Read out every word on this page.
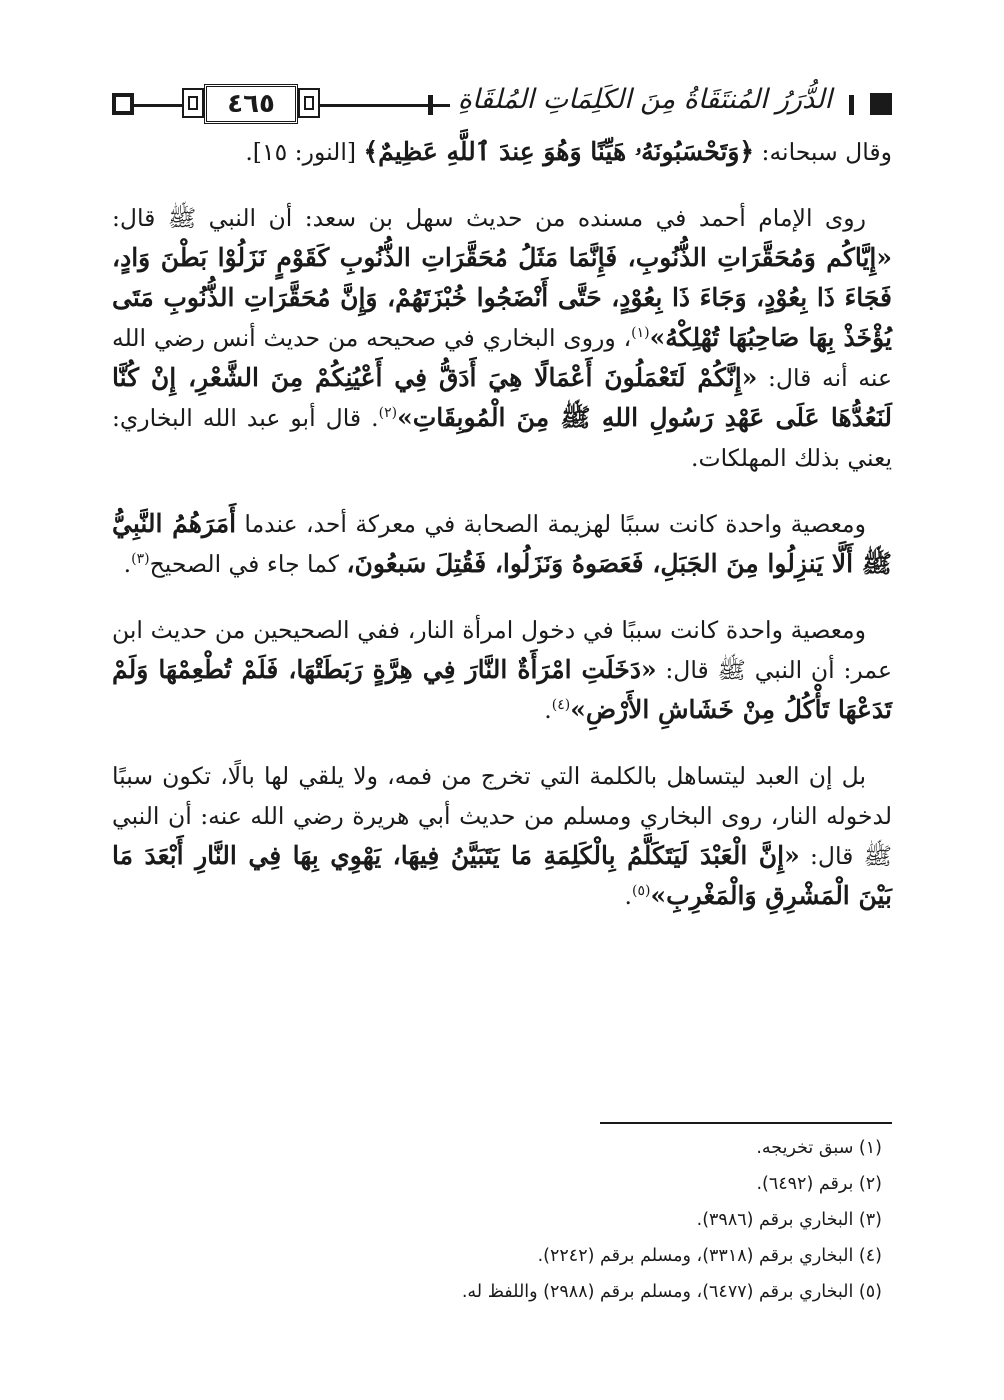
٤٦٥	الدُّرَرُ المُنتَقَاةُ مِنَ الكَلِمَاتِ المُلقَاةِ

وقال سبحانه: ﴿وَتَحْسَبُونَهُۥ هَيِّنًا وَهُوَ عِندَ ٱللَّهِ عَظِيمٌ﴾ [النور: ١٥].

روى الإمام أحمد في مسنده من حديث سهل بن سعد: أن النبي ﷺ قال: «إِيَّاكُم وَمُحَقَّرَاتِ الذُّنُوبِ، فَإِنَّمَا مَثَلُ مُحَقَّرَاتِ الذُّنُوبِ كَقَوْمٍ نَزَلُوْا بَطْنَ وَادٍ، فَجَاءَ ذَا بِعُوْدٍ، وَجَاءَ ذَا بِعُوْدٍ، حَتَّى أَنْضَجُوا خُبْزَتَهُمْ، وَإِنَّ مُحَقَّرَاتِ الذُّنُوبِ مَتَى يُؤْخَذْ بِهَا صَاحِبُهَا تُهْلِكْهُ»$^{(١)}$، وروى البخاري في صحيحه من حديث أنس رضي الله عنه أنه قال: «إِنَّكُمْ لَتَعْمَلُونَ أَعْمَالًا هِيَ أَدَقُّ فِي أَعْيُنِكُمْ مِنَ الشَّعْرِ، إِنْ كُنَّا لَنَعُدُّهَا عَلَى عَهْدِ رَسُولِ اللهِ ﷺ مِنَ الْمُوبِقَاتِ»$^{(٢)}$. قال أبو عبد الله البخاري: يعني بذلك المهلكات.

ومعصية واحدة كانت سببًا لهزيمة الصحابة في معركة أحد، عندما أَمَرَهُمُ النَّبِيُّ ﷺ أَلَّا يَنزِلُوا مِنَ الجَبَلِ، فَعَصَوهُ وَنَزَلُوا، فَقُتِلَ سَبعُونَ، كما جاء في الصحيح$^{(٣)}$.

ومعصية واحدة كانت سببًا في دخول امرأة النار، ففي الصحيحين من حديث ابن عمر: أن النبي ﷺ قال: «دَخَلَتِ امْرَأَةٌ النَّارَ فِي هِرَّةٍ رَبَطَتْهَا، فَلَمْ تُطْعِمْهَا وَلَمْ تَدَعْهَا تَأْكُلُ مِنْ خَشَاشِ الأَرْضِ»$^{(٤)}$.

بل إن العبد ليتساهل بالكلمة التي تخرج من فمه، ولا يلقي لها بالًا، تكون سببًا لدخوله النار، روى البخاري ومسلم من حديث أبي هريرة رضي الله عنه: أن النبي ﷺ قال: «إِنَّ الْعَبْدَ لَيَتَكَلَّمُ بِالْكَلِمَةِ مَا يَتَبَيَّنُ فِيهَا، يَهْوِي بِهَا فِي النَّارِ أَبْعَدَ مَا بَيْنَ الْمَشْرِقِ وَالْمَغْرِبِ»$^{(٥)}$.

(١) سبق تخريجه.
(٢) برقم (٦٤٩٢).
(٣) البخاري برقم (٣٩٨٦).
(٤) البخاري برقم (٣٣١٨)، ومسلم برقم (٢٢٤٢).
(٥) البخاري برقم (٦٤٧٧)، ومسلم برقم (٢٩٨٨) واللفظ له.
